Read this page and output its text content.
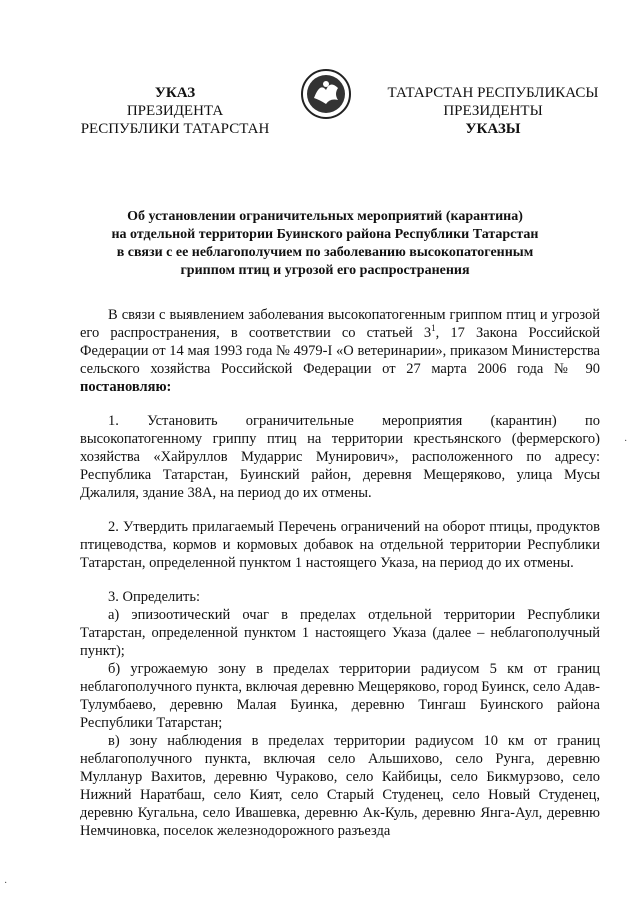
УКАЗ
ПРЕЗИДЕНТА
РЕСПУБЛИКИ ТАТАРСТАН
ТАТАРСТАН РЕСПУБЛИКАСЫ
ПРЕЗИДЕНТЫ
УКАЗЫ
Об установлении ограничительных мероприятий (карантина)
на отдельной территории Буинского района Республики Татарстан
в связи с ее неблагополучием по заболеванию высокопатогенным
гриппом птиц и угрозой его распространения

В связи с выявлением заболевания высокопатогенным гриппом птиц и угрозой его распространения, в соответствии со статьей $3^1$, 17 Закона Российской Федерации от 14 мая 1993 года № 4979-I «О ветеринарии», приказом Министерства сельского хозяйства Российской Федерации от 27 марта 2006 года № 90 постановляю:

1. Установить ограничительные мероприятия (карантин) по высокопатогенному гриппу птиц на территории крестьянского (фермерского) хозяйства «Хайруллов Мударрис Мунирович», расположенного по адресу: Республика Татарстан, Буинский район, деревня Мещеряково, улица Мусы Джалиля, здание 38А, на период до их отмены.

2. Утвердить прилагаемый Перечень ограничений на оборот птицы, продуктов птицеводства, кормов и кормовых добавок на отдельной территории Республики Татарстан, определенной пунктом 1 настоящего Указа, на период до их отмены.

3. Определить:

а) эпизоотический очаг в пределах отдельной территории Республики Татарстан, определенной пунктом 1 настоящего Указа (далее – неблагополучный пункт);

б) угрожаемую зону в пределах территории радиусом 5 км от границ неблагополучного пункта, включая деревню Мещеряково, город Буинск, село Адав-Тулумбаево, деревню Малая Буинка, деревню Тингаш Буинского района Республики Татарстан;

в) зону наблюдения в пределах территории радиусом 10 км от границ неблагополучного пункта, включая село Альшихово, село Рунга, деревню Муллануp Вахитов, деревню Чураково, село Кайбицы, село Бикмурзово, село Нижний Наратбаш, село Кият, село Старый Студенец, село Новый Студенец, деревню Кугальна, село Ивашевка, деревню Ак-Куль, деревню Янга-Аул, деревню Немчиновка, поселок железнодорожного разъезда

·
·
